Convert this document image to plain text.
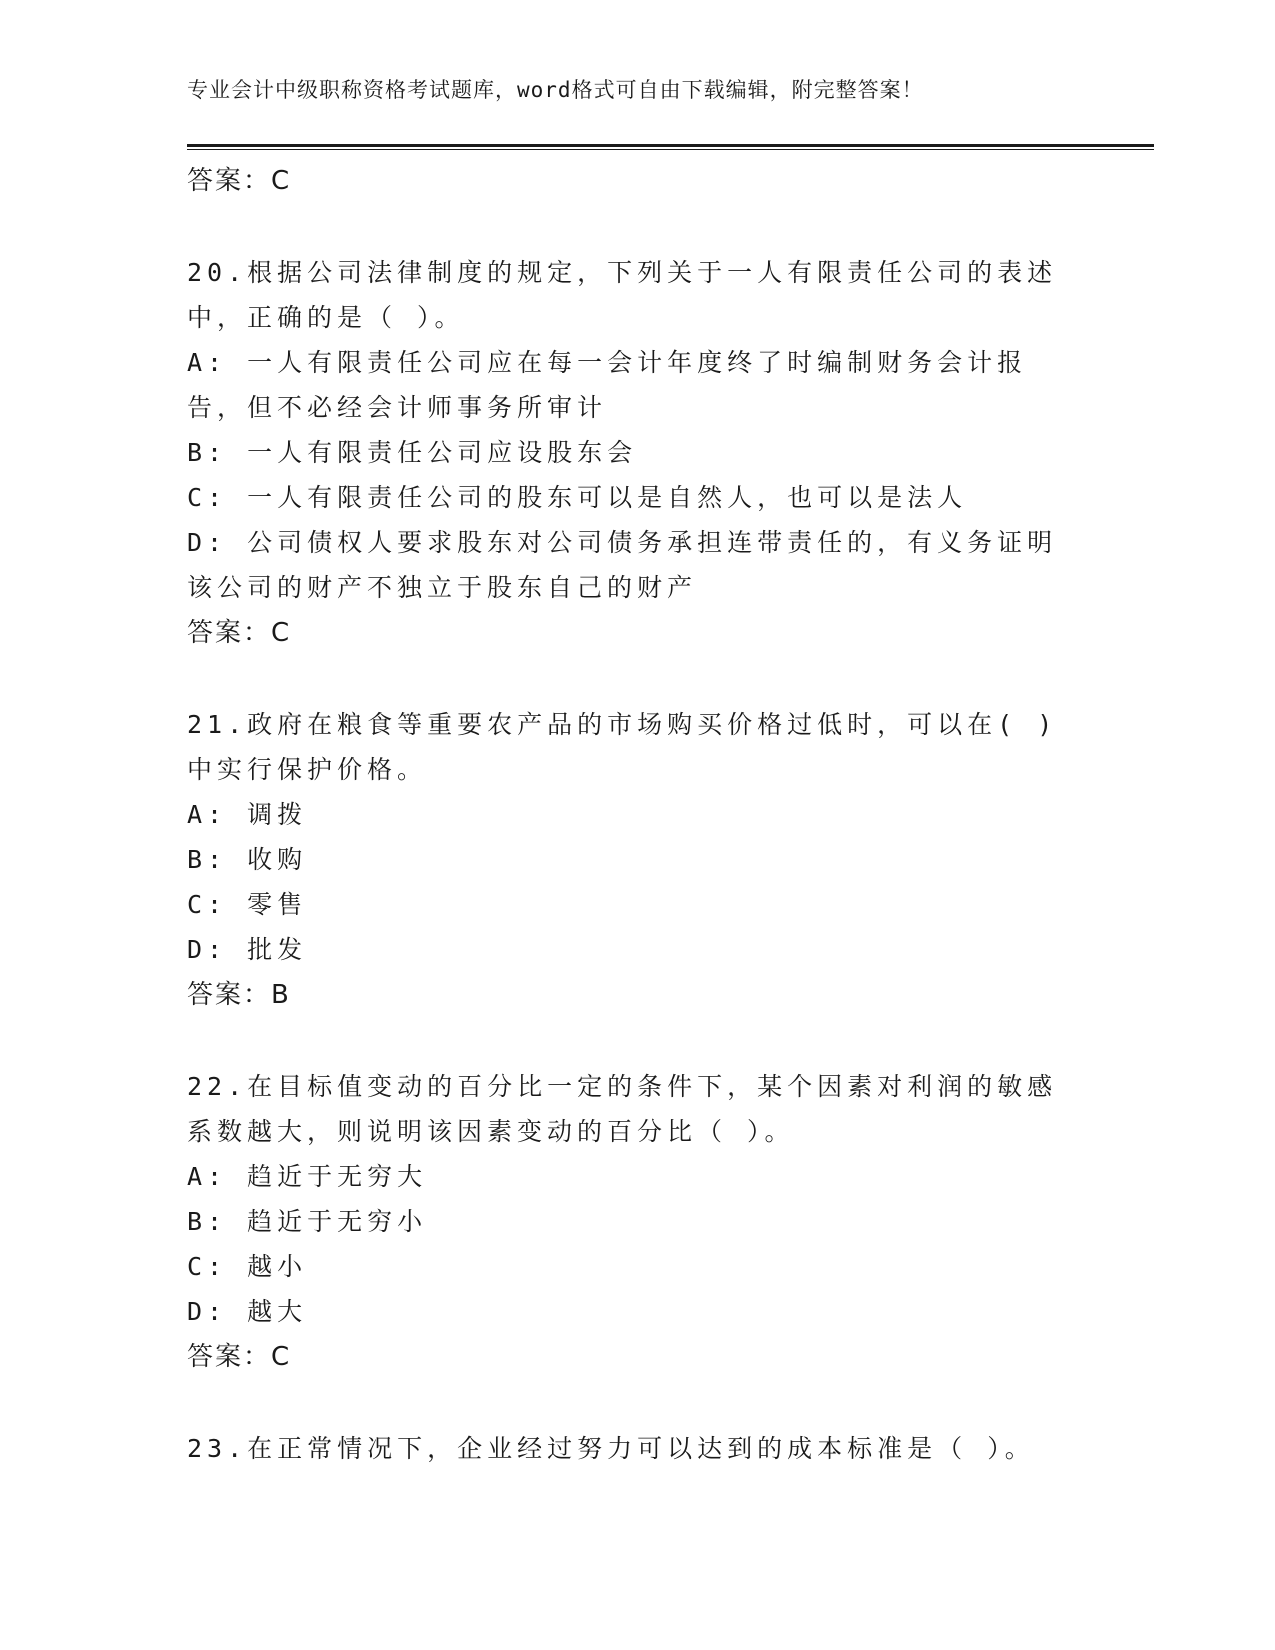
专业会计中级职称资格考试题库，word格式可自由下载编辑，附完整答案！
答案：C
20.根据公司法律制度的规定，下列关于一人有限责任公司的表述中，正确的是（ ）。
A: 一人有限责任公司应在每一会计年度终了时编制财务会计报告，但不必经会计师事务所审计
B: 一人有限责任公司应设股东会
C: 一人有限责任公司的股东可以是自然人，也可以是法人
D: 公司债权人要求股东对公司债务承担连带责任的，有义务证明该公司的财产不独立于股东自己的财产
答案：C
21.政府在粮食等重要农产品的市场购买价格过低时，可以在( )中实行保护价格。
A: 调拨
B: 收购
C: 零售
D: 批发
答案：B
22.在目标值变动的百分比一定的条件下，某个因素对利润的敏感系数越大，则说明该因素变动的百分比（ ）。
A: 趋近于无穷大
B: 趋近于无穷小
C: 越小
D: 越大
答案：C
23.在正常情况下，企业经过努力可以达到的成本标准是（ ）。
